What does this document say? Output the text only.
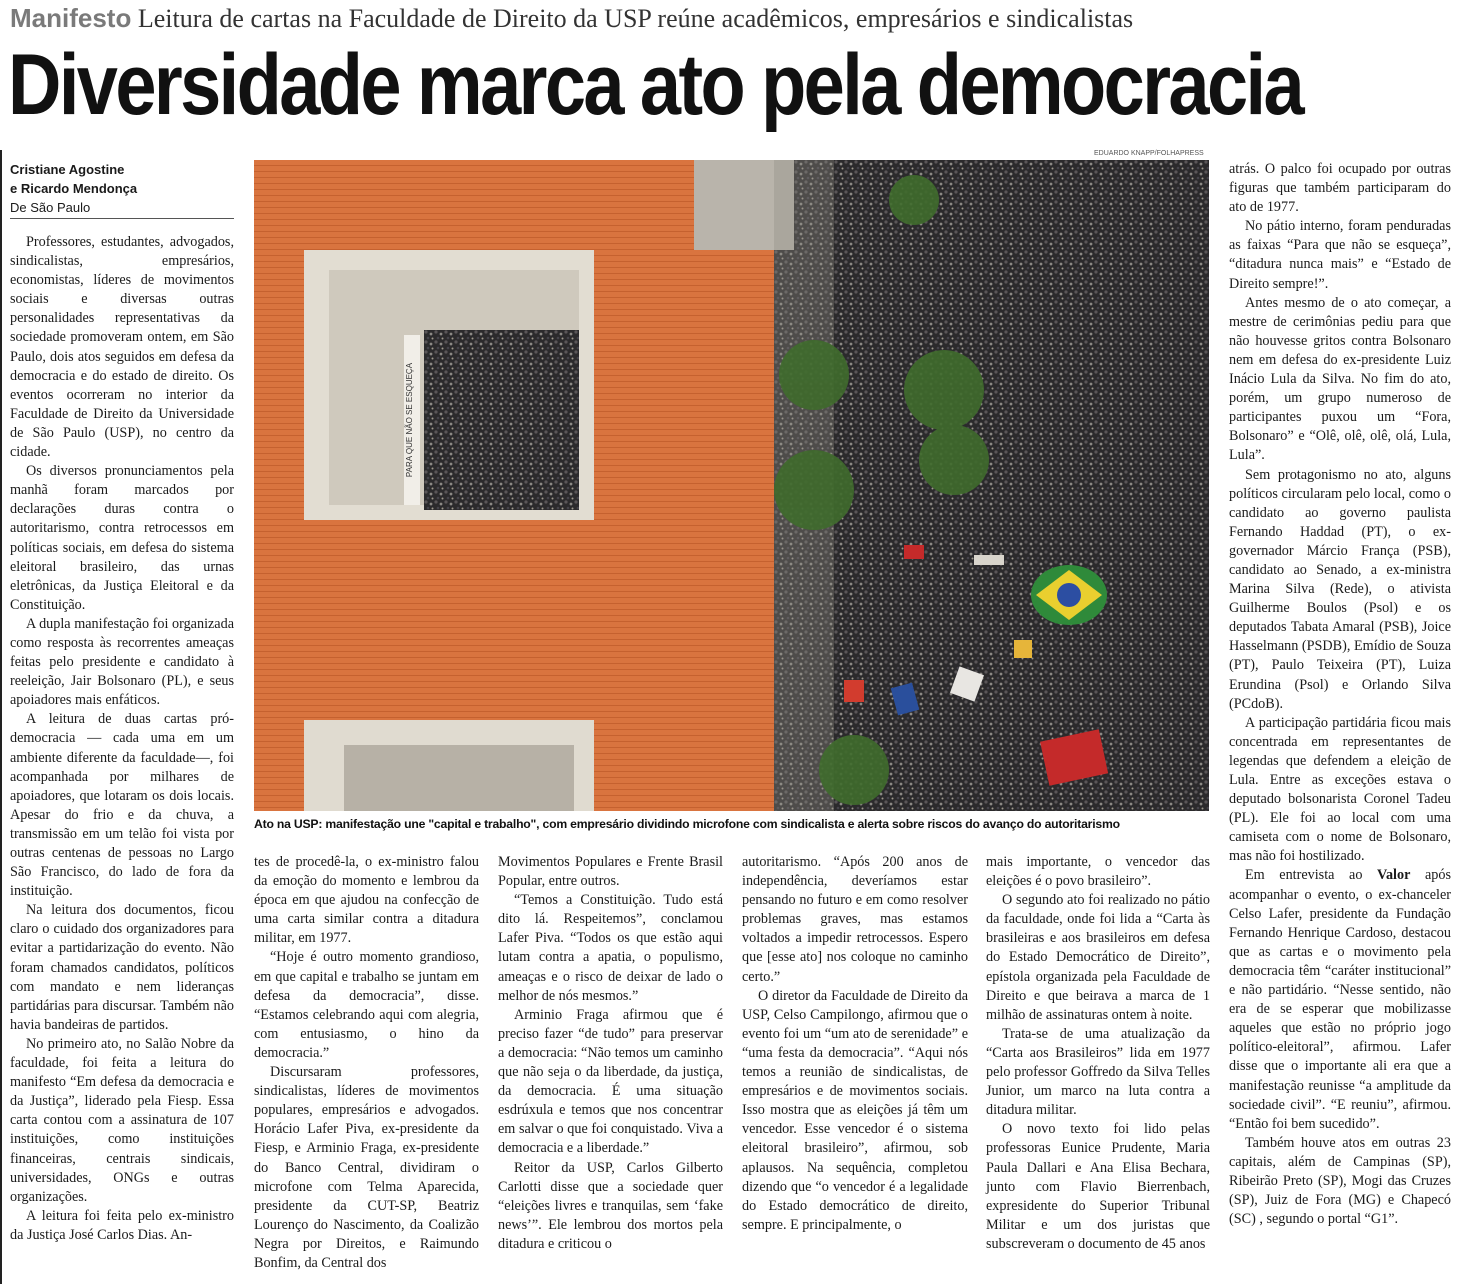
Manifesto Leitura de cartas na Faculdade de Direito da USP reúne acadêmicos, empresários e sindicalistas
Diversidade marca ato pela democracia
Cristiane Agostine
e Ricardo Mendonça
De São Paulo

Professores, estudantes, advogados, sindicalistas, empresários, economistas, líderes de movimentos sociais e diversas outras personalidades representativas da sociedade promoveram ontem, em São Paulo, dois atos seguidos em defesa da democracia e do estado de direito. Os eventos ocorreram no interior da Faculdade de Direito da Universidade de São Paulo (USP), no centro da cidade.

Os diversos pronunciamentos pela manhã foram marcados por declarações duras contra o autoritarismo, contra retrocessos em políticas sociais, em defesa do sistema eleitoral brasileiro, das urnas eletrônicas, da Justiça Eleitoral e da Constituição.

A dupla manifestação foi organizada como resposta às recorrentes ameaças feitas pelo presidente e candidato à reeleição, Jair Bolsonaro (PL), e seus apoiadores mais enfáticos.

A leitura de duas cartas pró-democracia — cada uma em um ambiente diferente da faculdade—, foi acompanhada por milhares de apoiadores, que lotaram os dois locais. Apesar do frio e da chuva, a transmissão em um telão foi vista por outras centenas de pessoas no Largo São Francisco, do lado de fora da instituição.

Na leitura dos documentos, ficou claro o cuidado dos organizadores para evitar a partidarização do evento. Não foram chamados candidatos, políticos com mandato e nem lideranças partidárias para discursar. Também não havia bandeiras de partidos.

No primeiro ato, no Salão Nobre da faculdade, foi feita a leitura do manifesto “Em defesa da democracia e da Justiça”, liderado pela Fiesp. Essa carta contou com a assinatura de 107 instituições, como instituições financeiras, centrais sindicais, universidades, ONGs e outras organizações.

A leitura foi feita pelo ex-ministro da Justiça José Carlos Dias. An-

EDUARDO KNAPP/FOLHAPRESS
PARA QUE NÃO SE ESQUEÇA
Ato na USP: manifestação une "capital e trabalho", com empresário dividindo microfone com sindicalista e alerta sobre riscos do avanço do autoritarismo

tes de procedê-la, o ex-ministro falou da emoção do momento e lembrou da época em que ajudou na confecção de uma carta similar contra a ditadura militar, em 1977.

“Hoje é outro momento grandioso, em que capital e trabalho se juntam em defesa da democracia”, disse. “Estamos celebrando aqui com alegria, com entusiasmo, o hino da democracia.”

Discursaram professores, sindicalistas, líderes de movimentos populares, empresários e advogados. Horácio Lafer Piva, ex-presidente da Fiesp, e Arminio Fraga, ex-presidente do Banco Central, dividiram o microfone com Telma Aparecida, presidente da CUT-SP, Beatriz Lourenço do Nascimento, da Coalizão Negra por Direitos, e Raimundo Bonfim, da Central dos

Movimentos Populares e Frente Brasil Popular, entre outros.

“Temos a Constituição. Tudo está dito lá. Respeitemos”, conclamou Lafer Piva. “Todos os que estão aqui lutam contra a apatia, o populismo, ameaças e o risco de deixar de lado o melhor de nós mesmos.”

Arminio Fraga afirmou que é preciso fazer “de tudo” para preservar a democracia: “Não temos um caminho que não seja o da liberdade, da justiça, da democracia. É uma situação esdrúxula e temos que nos concentrar em salvar o que foi conquistado. Viva a democracia e a liberdade.”

Reitor da USP, Carlos Gilberto Carlotti disse que a sociedade quer “eleições livres e tranquilas, sem ‘fake news’”. Ele lembrou dos mortos pela ditadura e criticou o

autoritarismo. “Após 200 anos de independência, deveríamos estar pensando no futuro e em como resolver problemas graves, mas estamos voltados a impedir retrocessos. Espero que [esse ato] nos coloque no caminho certo.”

O diretor da Faculdade de Direito da USP, Celso Campilongo, afirmou que o evento foi um “um ato de serenidade” e “uma festa da democracia”. “Aqui nós temos a reunião de sindicalistas, de empresários e de movimentos sociais. Isso mostra que as eleições já têm um vencedor. Esse vencedor é o sistema eleitoral brasileiro”, afirmou, sob aplausos. Na sequência, completou dizendo que “o vencedor é a legalidade do Estado democrático de direito, sempre. E principalmente, o

mais importante, o vencedor das eleições é o povo brasileiro”.

O segundo ato foi realizado no pátio da faculdade, onde foi lida a “Carta às brasileiras e aos brasileiros em defesa do Estado Democrático de Direito”, epístola organizada pela Faculdade de Direito e que beirava a marca de 1 milhão de assinaturas ontem à noite.

Trata-se de uma atualização da “Carta aos Brasileiros” lida em 1977 pelo professor Goffredo da Silva Telles Junior, um marco na luta contra a ditadura militar.

O novo texto foi lido pelas professoras Eunice Prudente, Maria Paula Dallari e Ana Elisa Bechara, junto com Flavio Bierrenbach, expresidente do Superior Tribunal Militar e um dos juristas que subscreveram o documento de 45 anos

atrás. O palco foi ocupado por outras figuras que também participaram do ato de 1977.

No pátio interno, foram penduradas as faixas “Para que não se esqueça”, “ditadura nunca mais” e “Estado de Direito sempre!”.

Antes mesmo de o ato começar, a mestre de cerimônias pediu para que não houvesse gritos contra Bolsonaro nem em defesa do ex-presidente Luiz Inácio Lula da Silva. No fim do ato, porém, um grupo numeroso de participantes puxou um “Fora, Bolsonaro” e “Olê, olê, olê, olá, Lula, Lula”.

Sem protagonismo no ato, alguns políticos circularam pelo local, como o candidato ao governo paulista Fernando Haddad (PT), o ex-governador Márcio França (PSB), candidato ao Senado, a ex-ministra Marina Silva (Rede), o ativista Guilherme Boulos (Psol) e os deputados Tabata Amaral (PSB), Joice Hasselmann (PSDB), Emídio de Souza (PT), Paulo Teixeira (PT), Luiza Erundina (Psol) e Orlando Silva (PCdoB).

A participação partidária ficou mais concentrada em representantes de legendas que defendem a eleição de Lula. Entre as exceções estava o deputado bolsonarista Coronel Tadeu (PL). Ele foi ao local com uma camiseta com o nome de Bolsonaro, mas não foi hostilizado.

Em entrevista ao Valor após acompanhar o evento, o ex-chanceler Celso Lafer, presidente da Fundação Fernando Henrique Cardoso, destacou que as cartas e o movimento pela democracia têm “caráter institucional” e não partidário. “Nesse sentido, não era de se esperar que mobilizasse aqueles que estão no próprio jogo político-eleitoral”, afirmou. Lafer disse que o importante ali era que a manifestação reunisse “a amplitude da sociedade civil”. “E reuniu”, afirmou. “Então foi bem sucedido”.

Também houve atos em outras 23 capitais, além de Campinas (SP), Ribeirão Preto (SP), Mogi das Cruzes (SP), Juiz de Fora (MG) e Chapecó (SC) , segundo o portal “G1”.
